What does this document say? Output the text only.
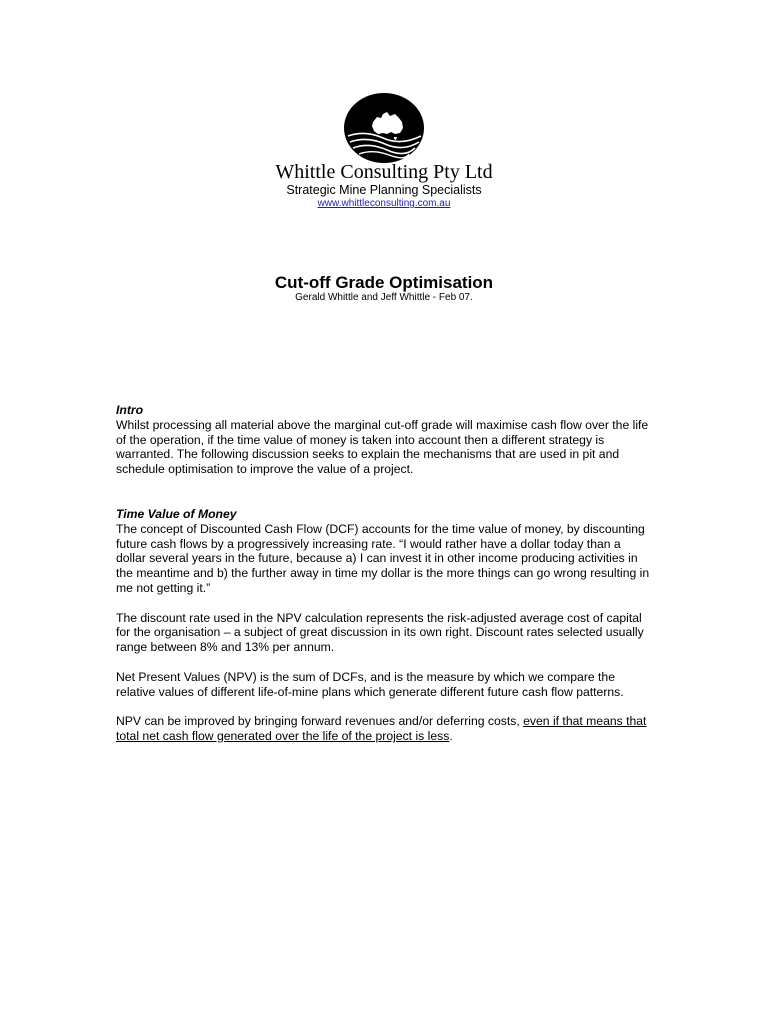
Whittle Consulting Pty Ltd
Strategic Mine Planning Specialists
www.whittleconsulting.com.au
Cut-off Grade Optimisation
Gerald Whittle and Jeff Whittle - Feb 07.
Intro

Whilst processing all material above the marginal cut-off grade will maximise cash flow over the life of the operation, if the time value of money is taken into account then a different strategy is warranted. The following discussion seeks to explain the mechanisms that are used in pit and schedule optimisation to improve the value of a project.

Time Value of Money

The concept of Discounted Cash Flow (DCF) accounts for the time value of money, by discounting future cash flows by a progressively increasing rate. “I would rather have a dollar today than a dollar several years in the future, because a) I can invest it in other income producing activities in the meantime and b) the further away in time my dollar is the more things can go wrong resulting in me not getting it.”

The discount rate used in the NPV calculation represents the risk-adjusted average cost of capital for the organisation – a subject of great discussion in its own right. Discount rates selected usually range between 8% and 13% per annum.

Net Present Values (NPV) is the sum of DCFs, and is the measure by which we compare the relative values of different life-of-mine plans which generate different future cash flow patterns.

NPV can be improved by bringing forward revenues and/or deferring costs, even if that means that total net cash flow generated over the life of the project is less.
